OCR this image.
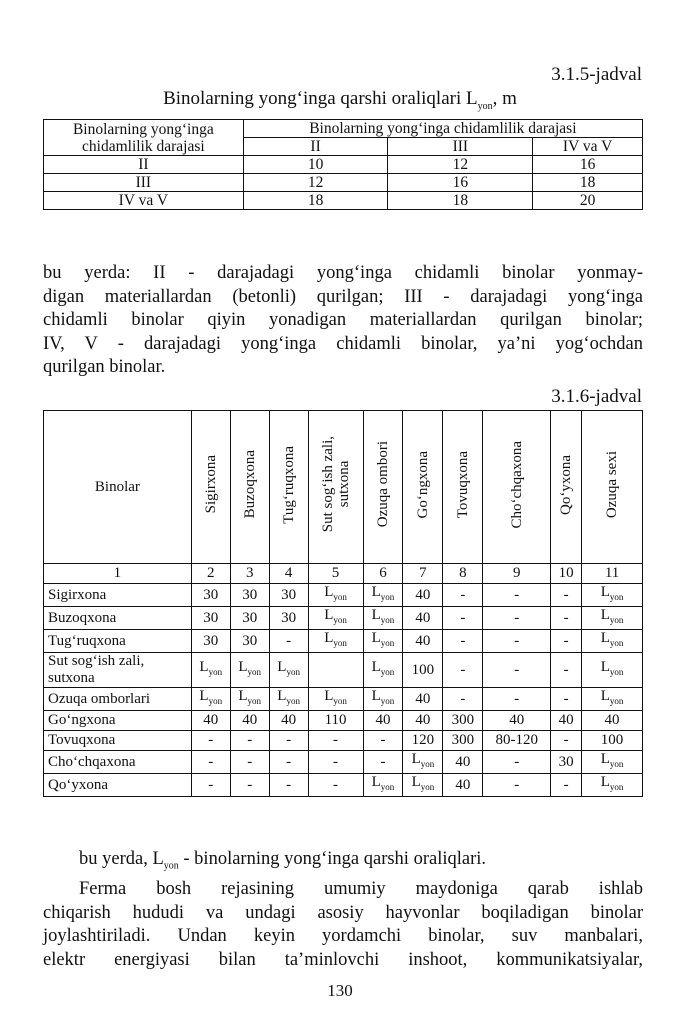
3.1.5-jadval
Binolarning yong‘inga qarshi oraliqlari $L_{yon}$, m
Binolarning yong‘inga
chidamlilik darajasi	Binolarning yong‘inga chidamlilik darajasi		
	II	III	IV va V
II	10	12	16
III	12	16	18
IV va V	18	18	20
bu yerda: II - darajadagi yong‘inga chidamli binolar yonmay-
digan materiallardan (betonli) qurilgan; III - darajadagi yong‘inga
chidamli binolar qiyin yonadigan materiallardan qurilgan binolar;
IV, V - darajadagi yong‘inga chidamli binolar, ya’ni yog‘ochdan
qurilgan binolar.
3.1.6-jadval
Binolar	Sigirxona	Buzoqxona	Tug‘ruqxona	Sut sog‘ish zali,
sutxona	Ozuqa ombori	Go‘ngxona	Tovuqxona	Cho‘chqaxona	Qo‘yxona	Ozuqa sexi
1	2	3	4	5	6	7	8	9	10	11
Sigirxona	30	30	30	$L_{yon}$	$L_{yon}$	40	-	-	-	$L_{yon}$
Buzoqxona	30	30	30	$L_{yon}$	$L_{yon}$	40	-	-	-	$L_{yon}$
Tug‘ruqxona	30	30	-	$L_{yon}$	$L_{yon}$	40	-	-	-	$L_{yon}$
Sut sog‘ish zali,
sutxona	$L_{yon}$	$L_{yon}$	$L_{yon}$		$L_{yon}$	100	-	-	-	$L_{yon}$
Ozuqa omborlari	$L_{yon}$	$L_{yon}$	$L_{yon}$	$L_{yon}$	$L_{yon}$	40	-	-	-	$L_{yon}$
Go‘ngxona	40	40	40	110	40	40	300	40	40	40
Tovuqxona	-	-	-	-	-	120	300	80-120	-	100
Cho‘chqaxona	-	-	-	-	-	$L_{yon}$	40	-	30	$L_{yon}$
Qo‘yxona	-	-	-	-	$L_{yon}$	$L_{yon}$	40	-	-	$L_{yon}$
bu yerda, $L_{yon}$ - binolarning yong‘inga qarshi oraliqlari.
Ferma bosh rejasining umumiy maydoniga qarab ishlab
chiqarish hududi va undagi asosiy hayvonlar boqiladigan binolar
joylashtiriladi. Undan keyin yordamchi binolar, suv manbalari,
elektr energiyasi bilan ta’minlovchi inshoot, kommunikatsiyalar,
130
